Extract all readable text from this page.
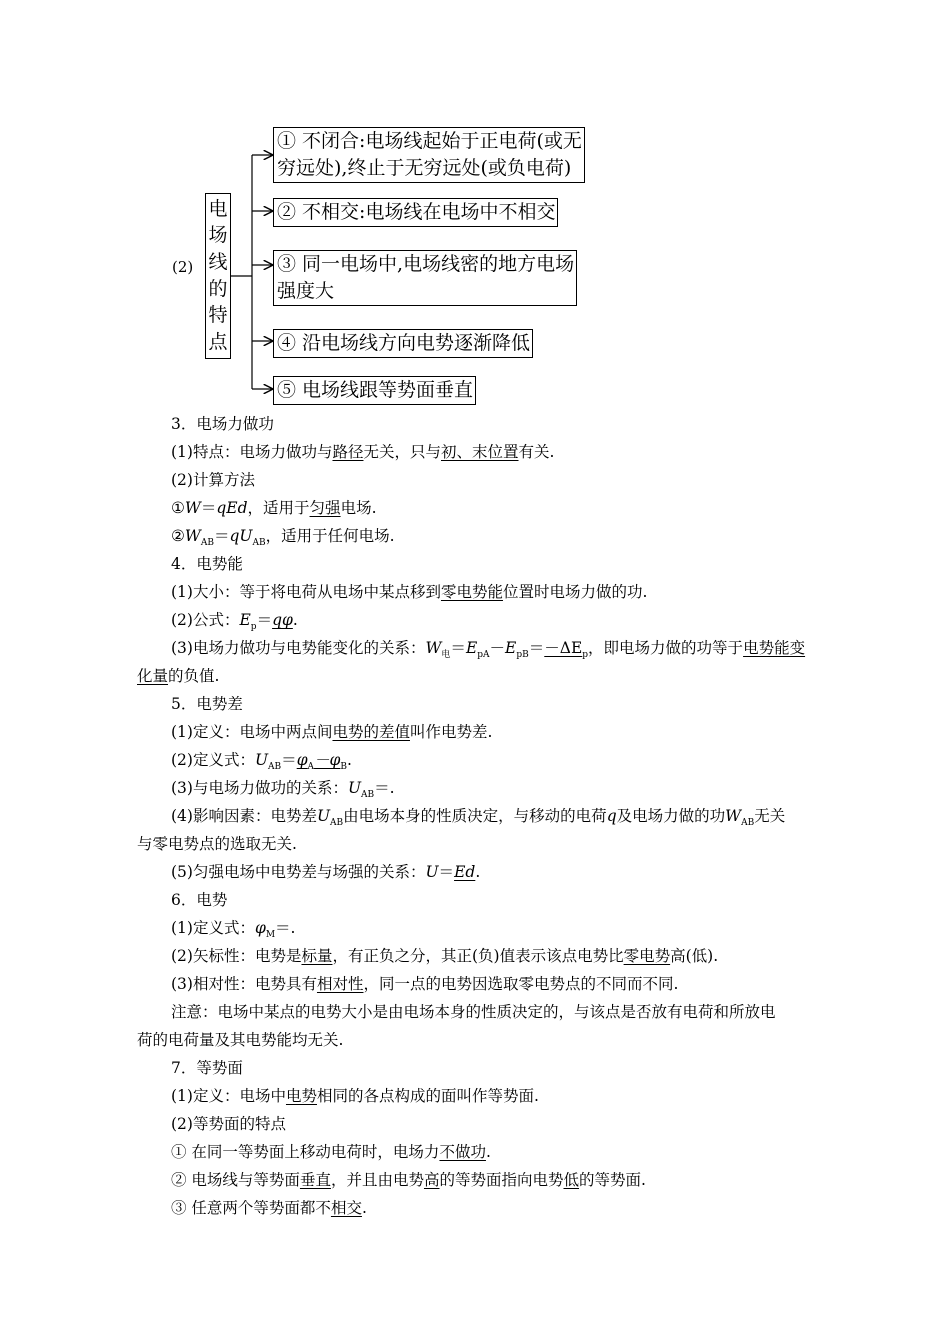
(2)
电
场
线
的
特
点
① 不闭合:电场线起始于正电荷(或无
穷远处),终止于无穷远处(或负电荷)
② 不相交:电场线在电场中不相交
③ 同一电场中,电场线密的地方电场
强度大
④ 沿电场线方向电势逐渐降低
⑤ 电场线跟等势面垂直
3．电场力做功
(1)特点：电场力做功与路径无关，只与初、末位置有关.
(2)计算方法
①W＝qEd，适用于匀强电场.
$②W_{AB}=qU_{AB}$，适用于任何电场.
4．电势能
(1)大小：等于将电荷从电场中某点移到零电势能位置时电场力做的功.
(2)公式：$E_p=q\varphi$.
(3)电场力做功与电势能变化的关系：$W_电=E_{pA}-E_{pB}=-\Delta E_p$，即电场力做的功等于电势能变
化量的负值.
5．电势差
(1)定义：电场中两点间电势的差值叫作电势差.
(2)定义式：$U_{AB}=\varphi_A-\varphi_B$.
(3)与电场力做功的关系：$U_{AB}=$.
(4)影响因素：电势差$U_{AB}$由电场本身的性质决定，与移动的电荷q及电场力做的功$W_{AB}$无关
与零电势点的选取无关.
(5)匀强电场中电势差与场强的关系：U＝Ed.
6．电势
(1)定义式：$\varphi_M=$.
(2)矢标性：电势是标量，有正负之分，其正(负)值表示该点电势比零电势高(低).
(3)相对性：电势具有相对性，同一点的电势因选取零电势点的不同而不同.
注意：电场中某点的电势大小是由电场本身的性质决定的，与该点是否放有电荷和所放电
荷的电荷量及其电势能均无关.
7．等势面
(1)定义：电场中电势相同的各点构成的面叫作等势面.
(2)等势面的特点
① 在同一等势面上移动电荷时，电场力不做功.
② 电场线与等势面垂直，并且由电势高的等势面指向电势低的等势面.
③ 任意两个等势面都不相交.
